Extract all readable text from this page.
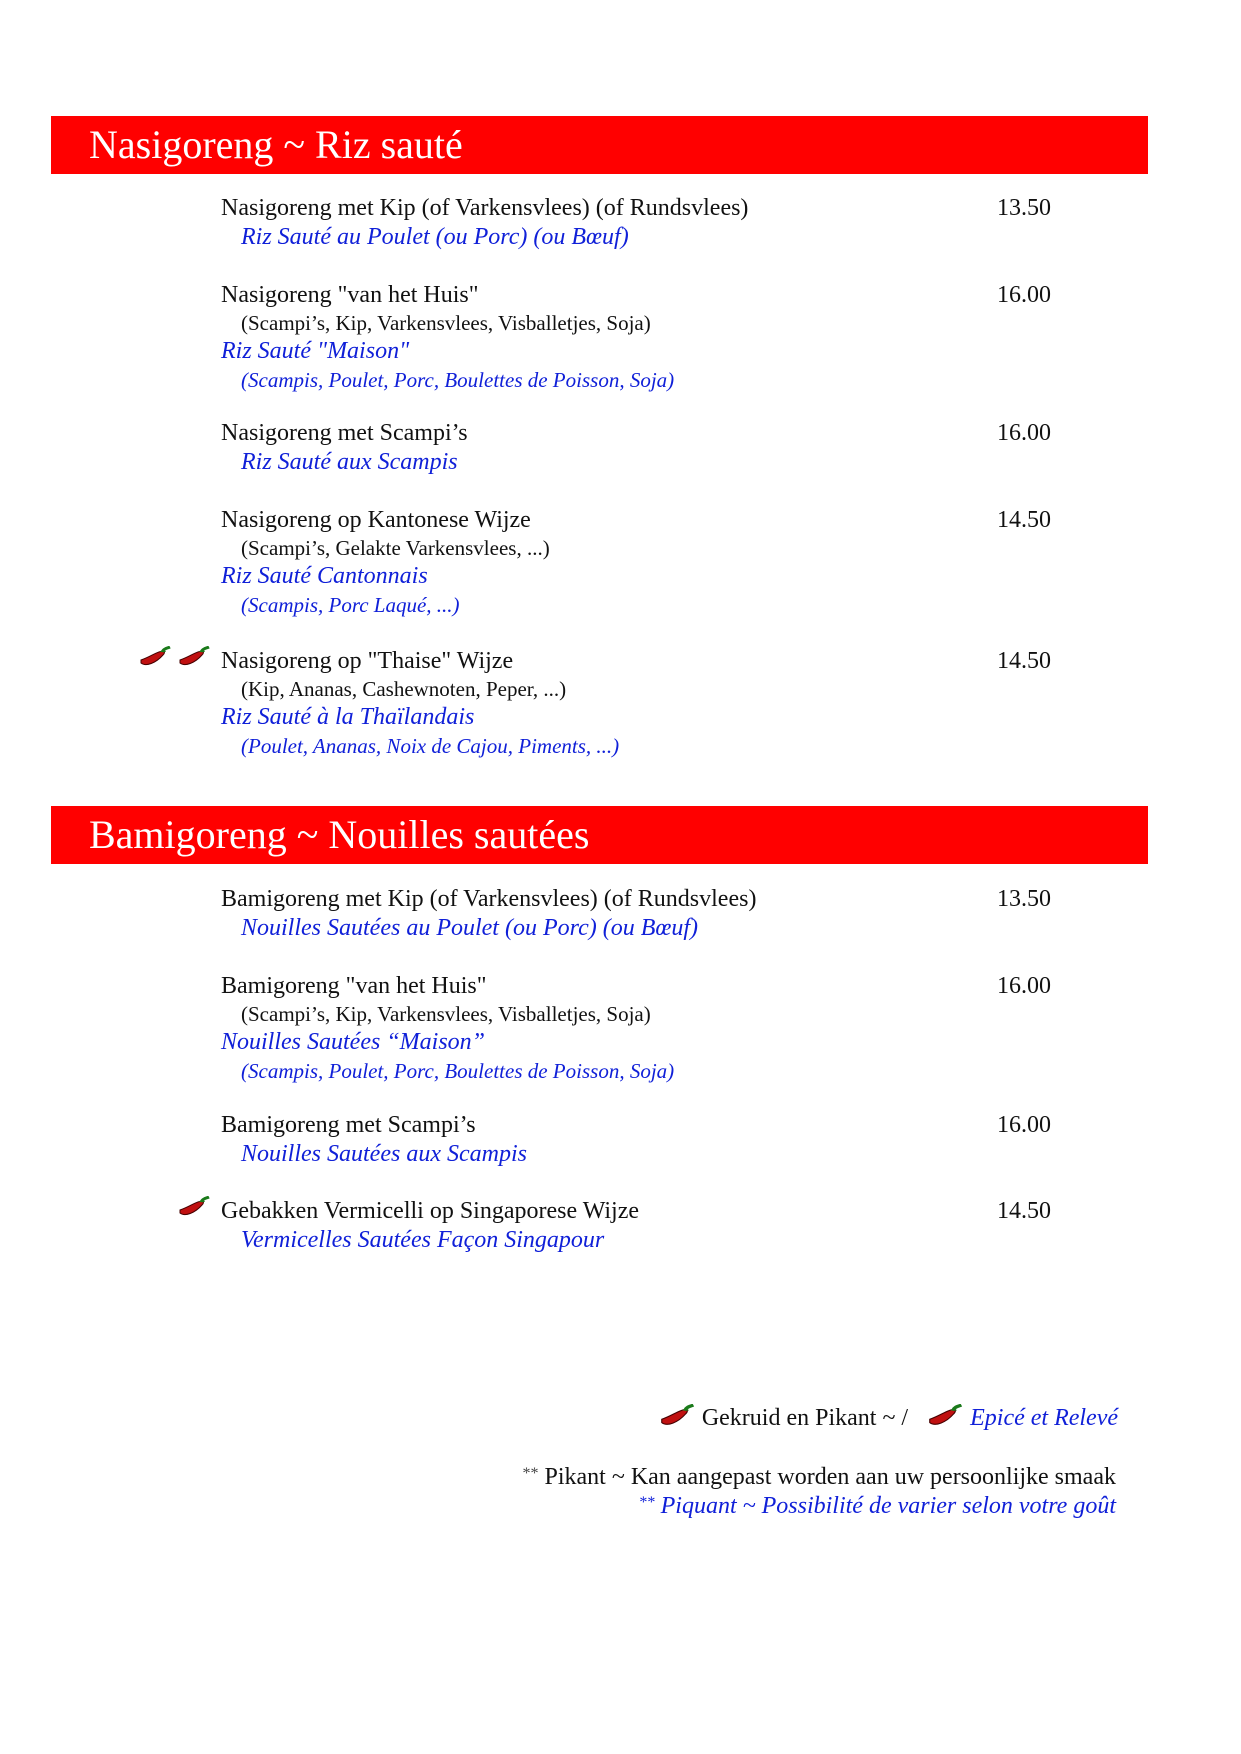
Nasigoreng ~ Riz sauté
Nasigoreng met Kip (of Varkensvlees) (of Rundsvlees)
Riz Sauté au Poulet (ou Porc) (ou Bœuf)
13.50
Nasigoreng "van het Huis"
(Scampi’s, Kip, Varkensvlees, Visballetjes, Soja)
Riz Sauté "Maison"
(Scampis, Poulet, Porc, Boulettes de Poisson, Soja)
16.00
Nasigoreng met Scampi’s
Riz Sauté aux Scampis
16.00
Nasigoreng op Kantonese Wijze
(Scampi’s, Gelakte Varkensvlees, ...)
Riz Sauté Cantonnais
(Scampis, Porc Laqué, ...)
14.50
Nasigoreng op "Thaise" Wijze
(Kip, Ananas, Cashewnoten, Peper, ...)
Riz Sauté à la Thaïlandais
(Poulet, Ananas, Noix de Cajou, Piments, ...)
14.50
Bamigoreng ~ Nouilles sautées
Bamigoreng met Kip (of Varkensvlees) (of Rundsvlees)
Nouilles Sautées au Poulet (ou Porc) (ou Bœuf)
13.50
Bamigoreng "van het Huis"
(Scampi’s, Kip, Varkensvlees, Visballetjes, Soja)
Nouilles Sautées “Maison”
(Scampis, Poulet, Porc, Boulettes de Poisson, Soja)
16.00
Bamigoreng met Scampi’s
Nouilles Sautées aux Scampis
16.00
Gebakken Vermicelli op Singaporese Wijze
Vermicelles Sautées Façon Singapour
14.50
Gekruid en Pikant ~ /	Epicé et Relevé
** Pikant ~ Kan aangepast worden aan uw persoonlijke smaak
** Piquant ~ Possibilité de varier selon votre goût
